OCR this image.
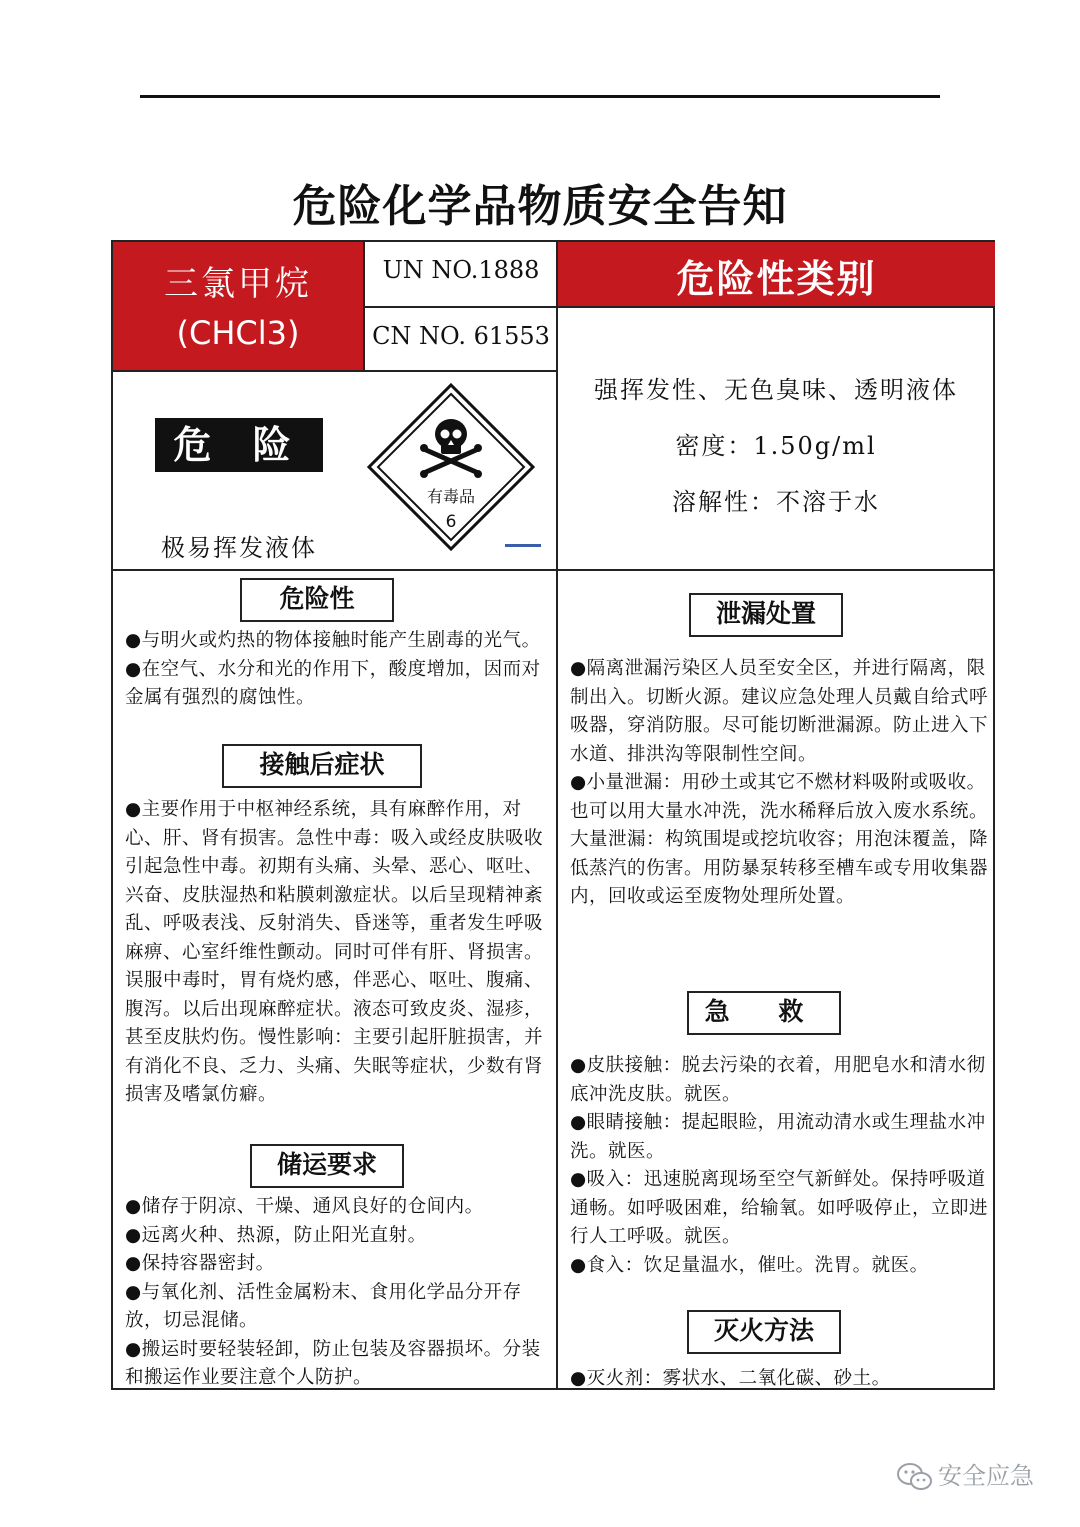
危险化学品物质安全告知
三氯甲烷
(CHCl3)
危险性类别
UN NO.1888
CN NO. 61553
危 险
极易挥发液体
有毒品
6
强挥发性、无色臭味、透明液体
密度：1.50g/ml
溶解性：不溶于水
危险性

●与明火或灼热的物体接触时能产生剧毒的光气。

●在空气、水分和光的作用下，酸度增加，因而对金属有强烈的腐蚀性。

接触后症状

●主要作用于中枢神经系统，具有麻醉作用，对心、肝、肾有损害。急性中毒：吸入或经皮肤吸收引起急性中毒。初期有头痛、头晕、恶心、呕吐、兴奋、皮肤湿热和粘膜刺激症状。以后呈现精神紊乱、呼吸表浅、反射消失、昏迷等，重者发生呼吸麻痹、心室纤维性颤动。同时可伴有肝、肾损害。误服中毒时，胃有烧灼感，伴恶心、呕吐、腹痛、腹泻。以后出现麻醉症状。液态可致皮炎、湿疹，甚至皮肤灼伤。慢性影响：主要引起肝脏损害，并有消化不良、乏力、头痛、失眠等症状，少数有肾损害及嗜氯仿癖。

储运要求

●储存于阴凉、干燥、通风良好的仓间内。

●远离火种、热源，防止阳光直射。

●保持容器密封。

●与氧化剂、活性金属粉末、食用化学品分开存放，切忌混储。

●搬运时要轻装轻卸，防止包装及容器损坏。分装和搬运作业要注意个人防护。

泄漏处置

●隔离泄漏污染区人员至安全区，并进行隔离，限制出入。切断火源。建议应急处理人员戴自给式呼吸器，穿消防服。尽可能切断泄漏源。防止进入下水道、排洪沟等限制性空间。

●小量泄漏：用砂土或其它不燃材料吸附或吸收。也可以用大量水冲洗，洗水稀释后放入废水系统。大量泄漏：构筑围堤或挖坑收容；用泡沫覆盖，降低蒸汽的伤害。用防暴泵转移至槽车或专用收集器内，回收或运至废物处理所处置。

急 救

●皮肤接触：脱去污染的衣着，用肥皂水和清水彻底冲洗皮肤。就医。

●眼睛接触：提起眼睑，用流动清水或生理盐水冲洗。就医。

●吸入：迅速脱离现场至空气新鲜处。保持呼吸道通畅。如呼吸困难，给输氧。如呼吸停止，立即进行人工呼吸。就医。

●食入：饮足量温水，催吐。洗胃。就医。

灭火方法

●灭火剂：雾状水、二氧化碳、砂土。

安全应急
